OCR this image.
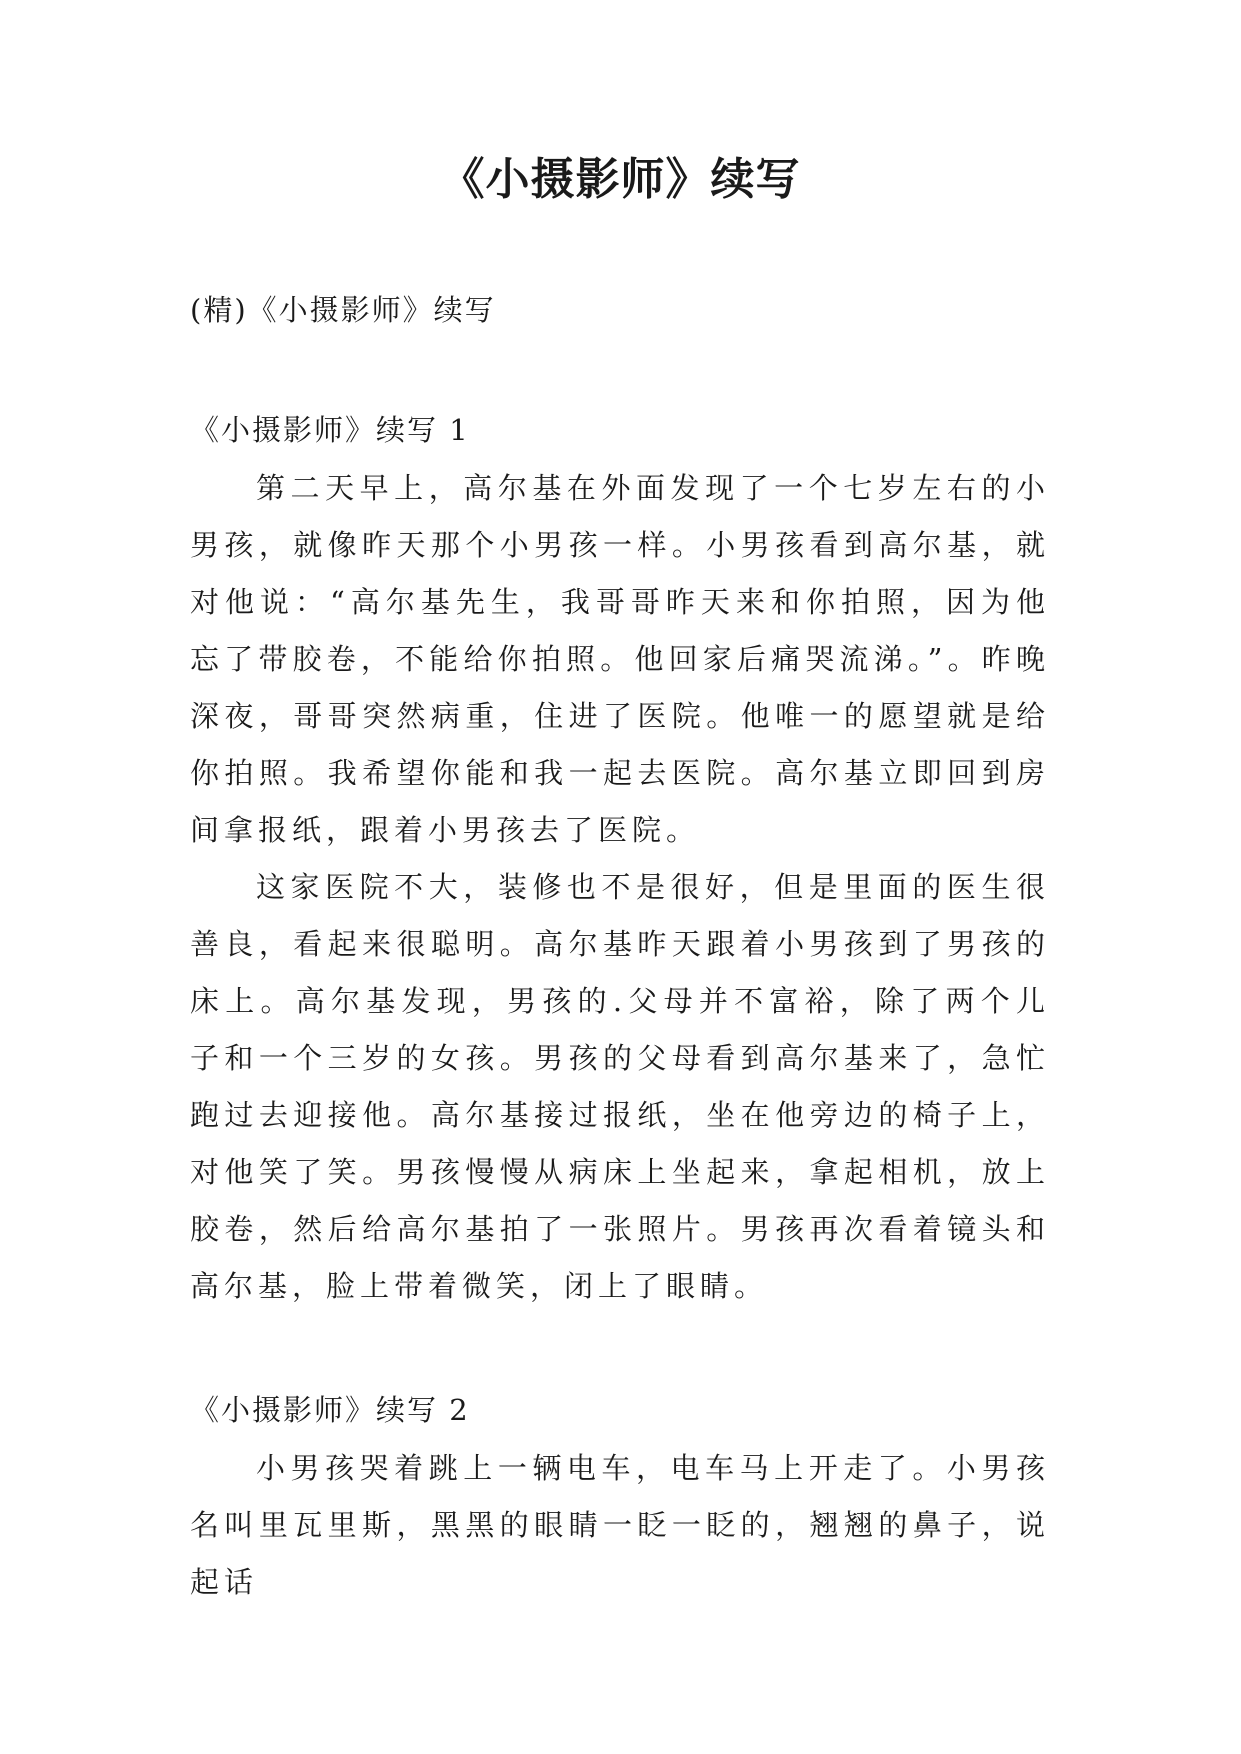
《小摄影师》续写

(精)《小摄影师》续写

《小摄影师》续写 1

第二天早上，高尔基在外面发现了一个七岁左右的小男孩，就像昨天那个小男孩一样。小男孩看到高尔基，就对他说：“高尔基先生，我哥哥昨天来和你拍照，因为他忘了带胶卷，不能给你拍照。他回家后痛哭流涕。”。昨晚深夜，哥哥突然病重，住进了医院。他唯一的愿望就是给你拍照。我希望你能和我一起去医院。高尔基立即回到房间拿报纸，跟着小男孩去了医院。

这家医院不大，装修也不是很好，但是里面的医生很善良，看起来很聪明。高尔基昨天跟着小男孩到了男孩的床上。高尔基发现，男孩的.父母并不富裕，除了两个儿子和一个三岁的女孩。男孩的父母看到高尔基来了，急忙跑过去迎接他。高尔基接过报纸，坐在他旁边的椅子上，对他笑了笑。男孩慢慢从病床上坐起来，拿起相机，放上胶卷，然后给高尔基拍了一张照片。男孩再次看着镜头和高尔基，脸上带着微笑，闭上了眼睛。

《小摄影师》续写 2

小男孩哭着跳上一辆电车，电车马上开走了。小男孩名叫里瓦里斯，黑黑的眼睛一眨一眨的，翘翘的鼻子，说起话
